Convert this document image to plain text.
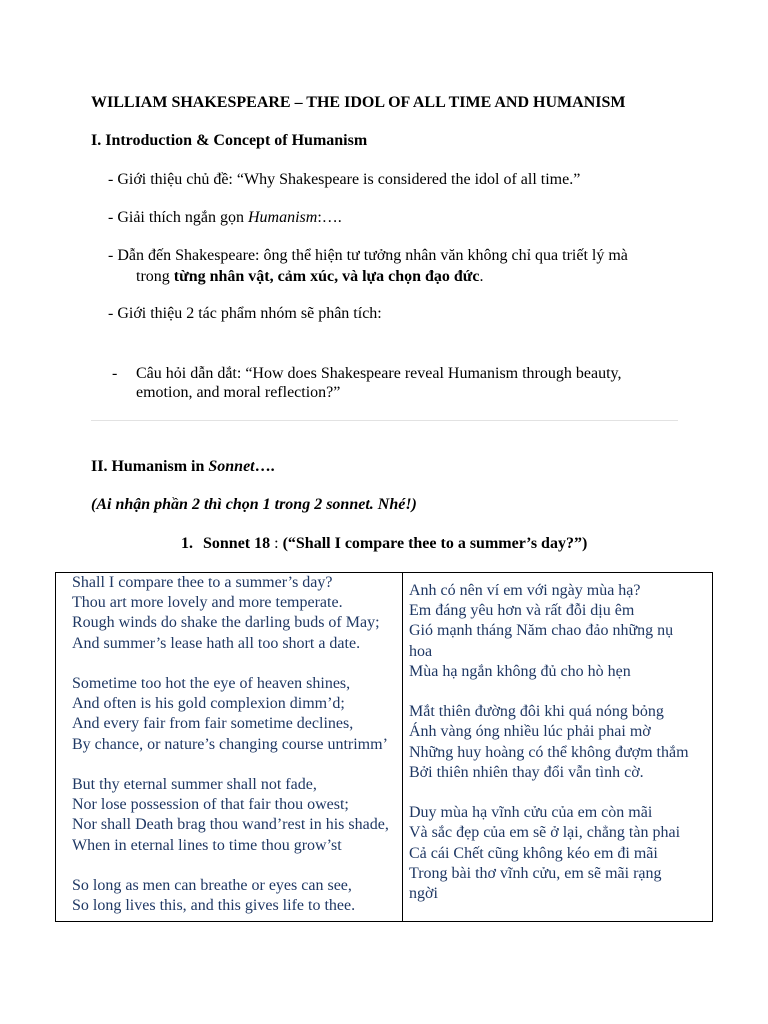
WILLIAM SHAKESPEARE – THE IDOL OF ALL TIME AND HUMANISM
I. Introduction & Concept of Humanism
- Giới thiệu chủ đề: “Why Shakespeare is considered the idol of all time.”
- Giải thích ngắn gọn Humanism:….
- Dẫn đến Shakespeare: ông thể hiện tư tưởng nhân văn không chỉ qua triết lý mà
trong từng nhân vật, cảm xúc, và lựa chọn đạo đức.
- Giới thiệu 2 tác phẩm nhóm sẽ phân tích:
- Câu hỏi dẫn dắt: “How does Shakespeare reveal Humanism through beauty,
emotion, and moral reflection?”
II. Humanism in Sonnet….
(Ai nhận phần 2 thì chọn 1 trong 2 sonnet. Nhé!)
1. Sonnet 18 : (“Shall I compare thee to a summer’s day?”)
Shall I compare thee to a summer’s day?
Thou art more lovely and more temperate.
Rough winds do shake the darling buds of May;
And summer’s lease hath all too short a date.
Sometime too hot the eye of heaven shines,
And often is his gold complexion dimm’d;
And every fair from fair sometime declines,
By chance, or nature’s changing course untrimm’
But thy eternal summer shall not fade,
Nor lose possession of that fair thou owest;
Nor shall Death brag thou wand’rest in his shade,
When in eternal lines to time thou grow’st
So long as men can breathe or eyes can see,
So long lives this, and this gives life to thee.
Anh có nên ví em với ngày mùa hạ?
Em đáng yêu hơn và rất đỗi dịu êm
Gió mạnh tháng Năm chao đảo những nụ
hoa
Mùa hạ ngắn không đủ cho hò hẹn
Mắt thiên đường đôi khi quá nóng bỏng
Ánh vàng óng nhiều lúc phải phai mờ
Những huy hoàng có thể không đượm thắm
Bởi thiên nhiên thay đổi vẫn tình cờ.
Duy mùa hạ vĩnh cửu của em còn mãi
Và sắc đẹp của em sẽ ở lại, chẳng tàn phai
Cả cái Chết cũng không kéo em đi mãi
Trong bài thơ vĩnh cửu, em sẽ mãi rạng
ngời
